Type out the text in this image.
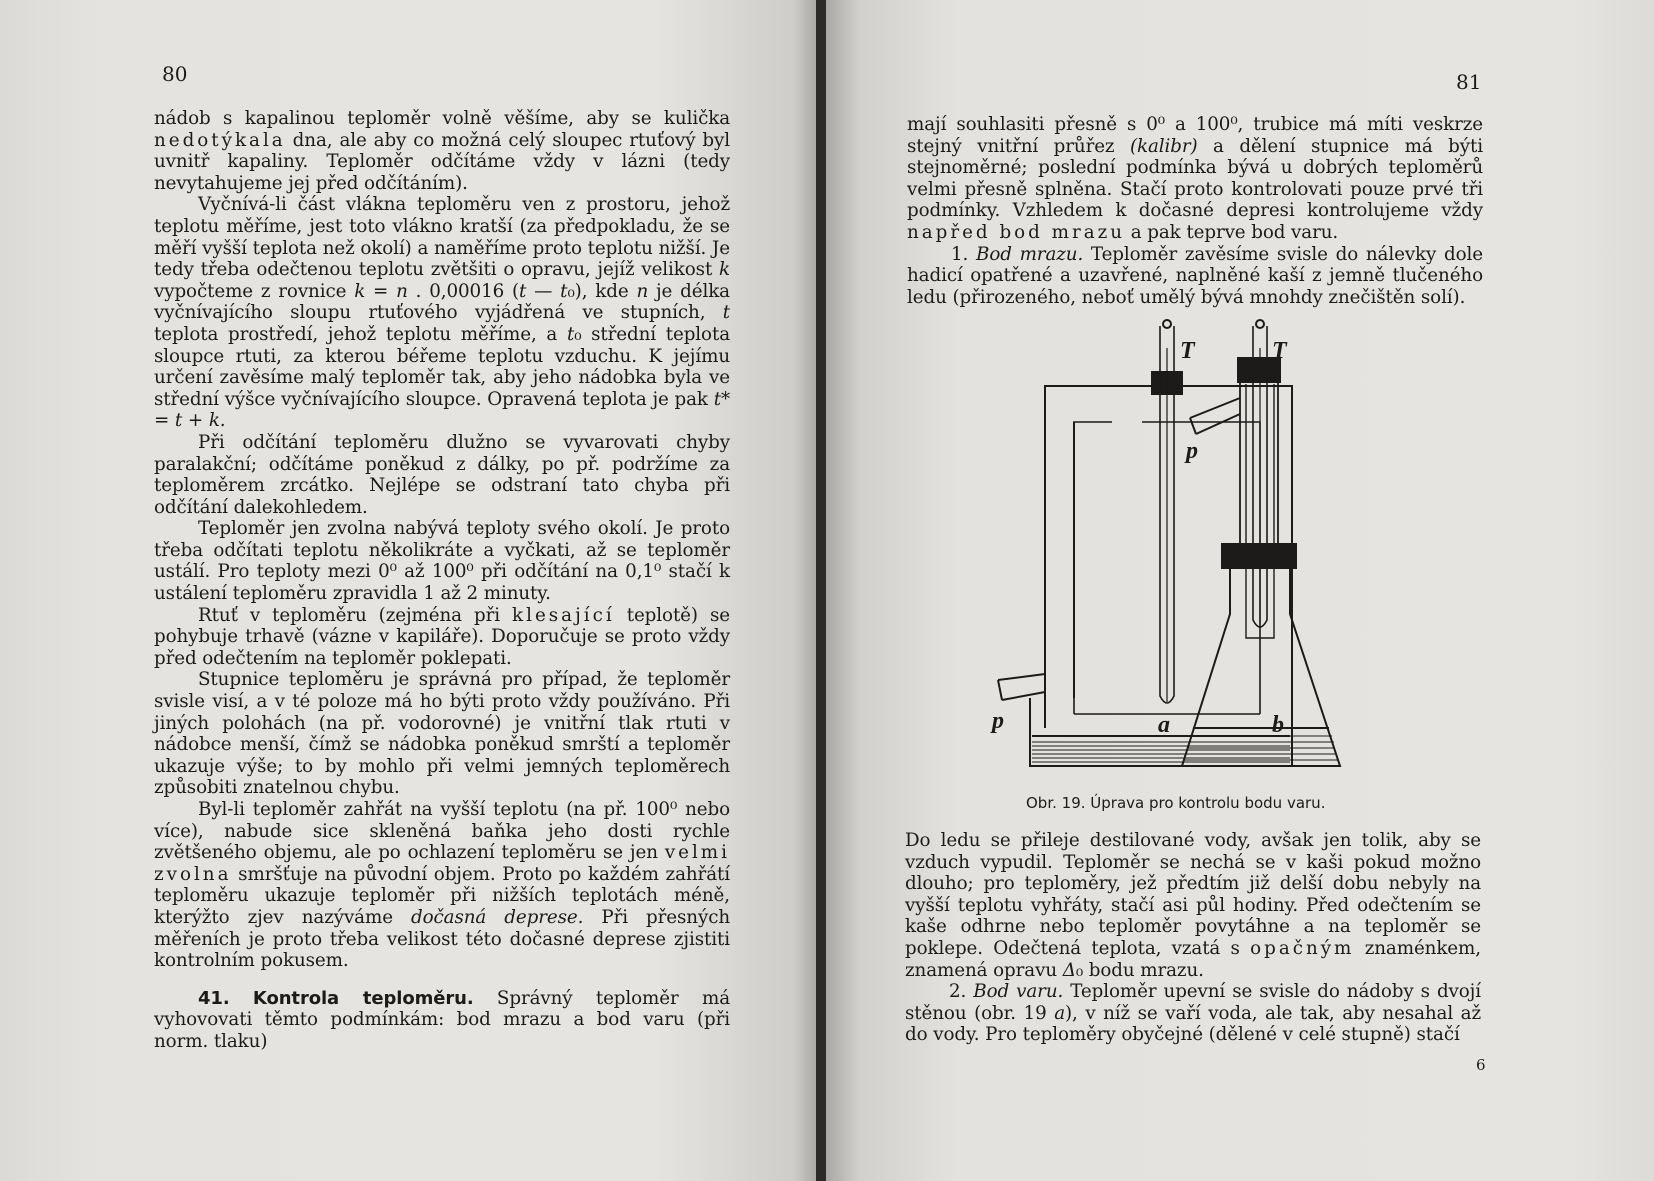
80

nádob s kapalinou teploměr volně věšíme, aby se kulička nedotýkala dna, ale aby co možná celý sloupec rtuťový byl uvnitř kapaliny. Teploměr odčítáme vždy v lázni (tedy nevytahujeme jej před odčítáním).

Vyčnívá-li část vlákna teploměru ven z prostoru, jehož teplotu měříme, jest toto vlákno kratší (za předpokladu, že se měří vyšší teplota než okolí) a naměříme proto teplotu nižší. Je tedy třeba odečtenou teplotu zvětšiti o opravu, jejíž velikost k vypočteme z rovnice k = n . 0,00016 (t — t₀), kde n je délka vyčnívajícího sloupu rtuťového vyjádřená ve stupních, t teplota prostředí, jehož teplotu měříme, a t₀ střední teplota sloupce rtuti, za kterou béřeme teplotu vzduchu. K jejímu určení zavěsíme malý teploměr tak, aby jeho nádobka byla ve střední výšce vyčnívajícího sloupce. Opravená teplota je pak t* = t + k.

Při odčítání teploměru dlužno se vyvarovati chyby paralakční; odčítáme poněkud z dálky, po př. podržíme za teploměrem zrcátko. Nejlépe se odstraní tato chyba při odčítání dalekohledem.

Teploměr jen zvolna nabývá teploty svého okolí. Je proto třeba odčítati teplotu několikráte a vyčkati, až se teploměr ustálí. Pro teploty mezi 0⁰ až 100⁰ při odčítání na 0,1⁰ stačí k ustálení teploměru zpravidla 1 až 2 minuty.

Rtuť v teploměru (zejména při klesající teplotě) se pohybuje trhavě (vázne v kapiláře). Doporučuje se proto vždy před odečtením na teploměr poklepati.

Stupnice teploměru je správná pro případ, že teploměr svisle visí, a v té poloze má ho býti proto vždy používáno. Při jiných polohách (na př. vodorovné) je vnitřní tlak rtuti v nádobce menší, čímž se nádobka poněkud smrští a teploměr ukazuje výše; to by mohlo při velmi jemných teploměrech způsobiti znatelnou chybu.

Byl-li teploměr zahřát na vyšší teplotu (na př. 100⁰ nebo více), nabude sice skleněná baňka jeho dosti rychle zvětšeného objemu, ale po ochlazení teploměru se jen velmi zvolna smršťuje na původní objem. Proto po každém zahřátí teploměru ukazuje teploměr při nižších teplotách méně, kterýžto zjev nazýváme dočasná deprese. Při přesných měřeních je proto třeba velikost této dočasné deprese zjistiti kontrolním pokusem.

41. Kontrola teploměru. Správný teploměr má vyhovovati těmto podmínkám: bod mrazu a bod varu (při norm. tlaku)

81

mají souhlasiti přesně s 0⁰ a 100⁰, trubice má míti veskrze stejný vnitřní průřez (kalibr) a dělení stupnice má býti stejnoměrné; poslední podmínka bývá u dobrých teploměrů velmi přesně splněna. Stačí proto kontrolovati pouze prvé tři podmínky. Vzhledem k dočasné depresi kontrolujeme vždy napřed bod mrazu a pak teprve bod varu.

1. Bod mrazu. Teploměr zavěsíme svisle do nálevky dole hadicí opatřené a uzavřené, naplněné kaší z jemně tlučeného ledu (přirozeného, neboť umělý bývá mnohdy znečištěn solí).

T	T
p
p	a	b
Obr. 19. Úprava pro kontrolu bodu varu.

Do ledu se přileje destilované vody, avšak jen tolik, aby se vzduch vypudil. Teploměr se nechá se v kaši pokud možno dlouho; pro teploměry, jež předtím již delší dobu nebyly na vyšší teplotu vyhřáty, stačí asi půl hodiny. Před odečtením se kaše odhrne nebo teploměr povytáhne a na teploměr se poklepe. Odečtená teplota, vzatá s opačným znaménkem, znamená opravu Δ₀ bodu mrazu.

2. Bod varu. Teploměr upevní se svisle do nádoby s dvojí stěnou (obr. 19 a), v níž se vaří voda, ale tak, aby nesahal až do vody. Pro teploměry obyčejné (dělené v celé stupně) stačí

6
